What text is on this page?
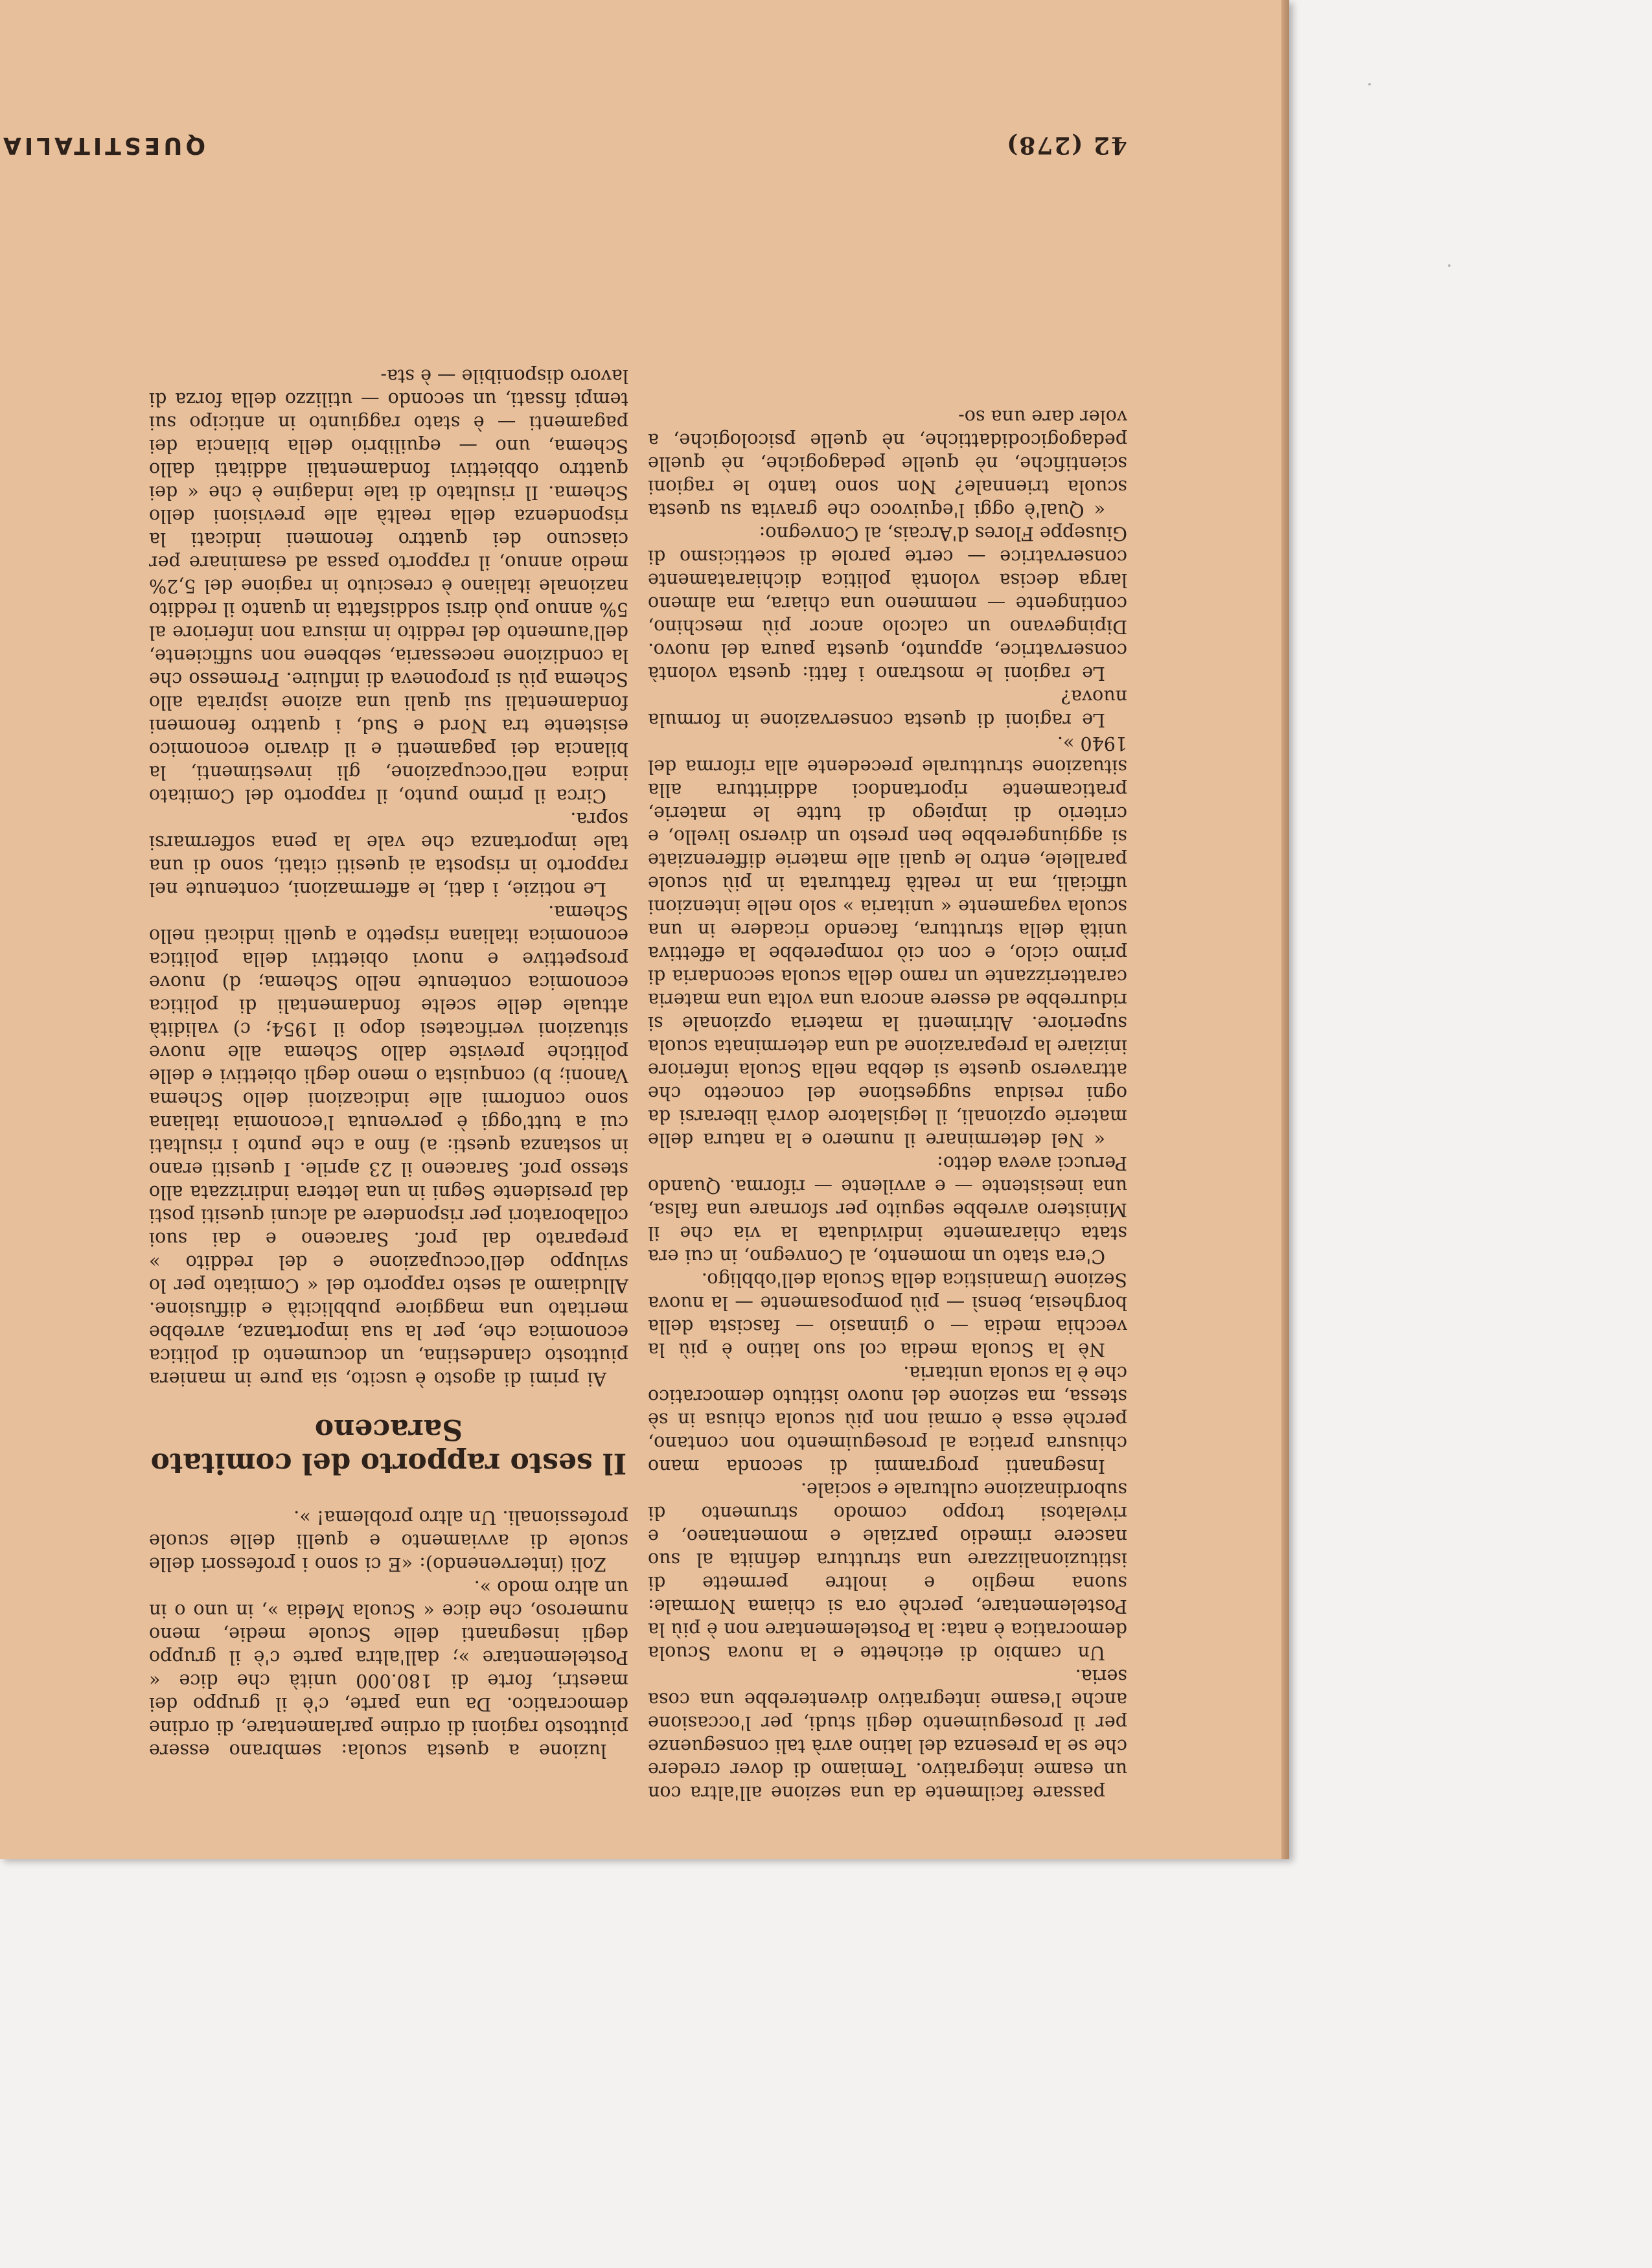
42 (278)
QUESTITALIA

passare facilmente da una sezione all'altra con un esame integrativo. Temiamo di dover credere che se la presenza del latino avrà tali conseguenze per il proseguimento degli studi, per l'occasione anche l'esame integrativo diventerebbe una cosa seria.

Un cambio di etichette e la nuova Scuola democratica è nata: la Postelementare non è più la Postelementare, perchè ora si chiama Normale: suona meglio e inoltre permette di istituzionalizzare una struttura definita al suo nascere rimedio parziale e momentaneo, e rivelatosi troppo comodo strumento di subordinazione culturale e sociale.

Insegnanti programmi di seconda mano chiusura pratica al proseguimento non contano, perchè essa è ormai non più scuola chiusa in sè stessa, ma sezione del nuovo istituto democratico che è la scuola unitaria.

Nè la Scuola media col suo latino è più la vecchia media — o ginnasio — fascista della borghesia, bensì — più pomposamente — la nuova Sezione Umanistica della Scuola dell'obbligo.

C'era stato un momento, al Convegno, in cui era stata chiaramente individuata la via che il Ministero avrebbe seguito per sfornare una falsa, una inesistente — e avvilente — riforma. Quando Perucci aveva detto:

« Nel determinare il numero e la natura delle materie opzionali, il legislatore dovrà liberarsi da ogni residua suggestione del concetto che attraverso queste si debba nella Scuola inferiore iniziare la preparazione ad una determinata scuola superiore. Altrimenti la materia opzionale si ridurrebbe ad essere ancora una volta una materia caratterizzante un ramo della scuola secondaria di primo ciclo, e con ciò romperebbe la effettiva unità della struttura, facendo ricadere in una scuola vagamente « unitaria » solo nelle intenzioni ufficiali, ma in realtà fratturata in più scuole parallele, entro le quali alle materie differenziate si aggiungerebbe ben presto un diverso livello, e criterio di impiego di tutte le materie, praticamente riportandoci addirittura alla situazione strutturale precedente alla riforma del 1940 ».

Le ragioni di questa conservazione in formula nuova?

Le ragioni le mostrano i fatti: questa volontà conservatrice, appunto, questa paura del nuovo. Dipingevano un calcolo ancor più meschino, contingente — nemmeno una chiara, ma almeno larga decisa volontà politica dichiaratamente conservatrice — certe parole di scetticismo di Giuseppe Flores d'Arcais, al Convegno:

« Qual'è oggi l'equivoco che gravita su questa scuola triennale? Non sono tanto le ragioni scientifiche, nè quelle pedagogiche, nè quelle pedagogicodidattiche, nè quelle psicologiche, a voler dare una so-

luzione a questa scuola: sembrano essere piuttosto ragioni di ordine parlamentare, di ordine democratico. Da una parte, c'è il gruppo dei maestri, forte di 180.000 unità che dice « Postelementare »; dall'altra parte c'è il gruppo degli insegnanti delle Scuole medie, meno numeroso, che dice « Scuola Media », in uno o in un altro modo ».

Zoli (intervenendo): «E ci sono i professori delle scuole di avviamento e quelli delle scuole professionali. Un altro problema! ».

Il sesto rapporto del comitato Saraceno

Ai primi di agosto è uscito, sia pure in maniera piuttosto clandestina, un documento di politica economica che, per la sua importanza, avrebbe meritato una maggiore pubblicità e diffusione. Alludiamo al sesto rapporto del « Comitato per lo sviluppo dell'occupazione e del reddito » preparato dal prof. Saraceno e dai suoi collaboratori per rispondere ad alcuni quesiti posti dal presidente Segni in una lettera indirizzata allo stesso prof. Saraceno il 23 aprile. I quesiti erano in sostanza questi: a) fino a che punto i risultati cui a tutt'oggi è pervenuta l'economia italiana sono conformi alle indicazioni dello Schema Vanoni; b) conquista o meno degli obiettivi e delle politiche previste dallo Schema alle nuove situazioni verificatesi dopo il 1954; c) validità attuale delle scelte fondamentali di politica economica contenute nello Schema; d) nuove prospettive e nuovi obiettivi della politica economica italiana rispetto a quelli indicati nello Schema.

Le notizie, i dati, le affermazioni, contenute nel rapporto in risposta ai quesiti citati, sono di una tale importanza che vale la pena soffermarsi sopra.

Circa il primo punto, il rapporto del Comitato indica nell'occupazione, gli investimenti, la bilancia dei pagamenti e il divario economico esistente tra Nord e Sud, i quattro fenomeni fondamentali sui quali una azione ispirata allo Schema più si proponeva di influire. Premesso che la condizione necessaria, sebbene non sufficiente, dell'aumento del reddito in misura non inferiore al 5% annuo può dirsi soddisfatta in quanto il reddito nazionale italiano è cresciuto in ragione del 5,2% medio annuo, il rapporto passa ad esaminare per ciascuno dei quattro fenomeni indicati la rispondenza della realtà alle previsioni dello Schema. Il risultato di tale indagine è che « dei quattro obbiettivi fondamentali additati dallo Schema, uno — equilibrio della bilancia dei pagamenti — è stato raggiunto in anticipo sui tempi fissati, un secondo — utilizzo della forza di lavoro disponibile — è sta-
